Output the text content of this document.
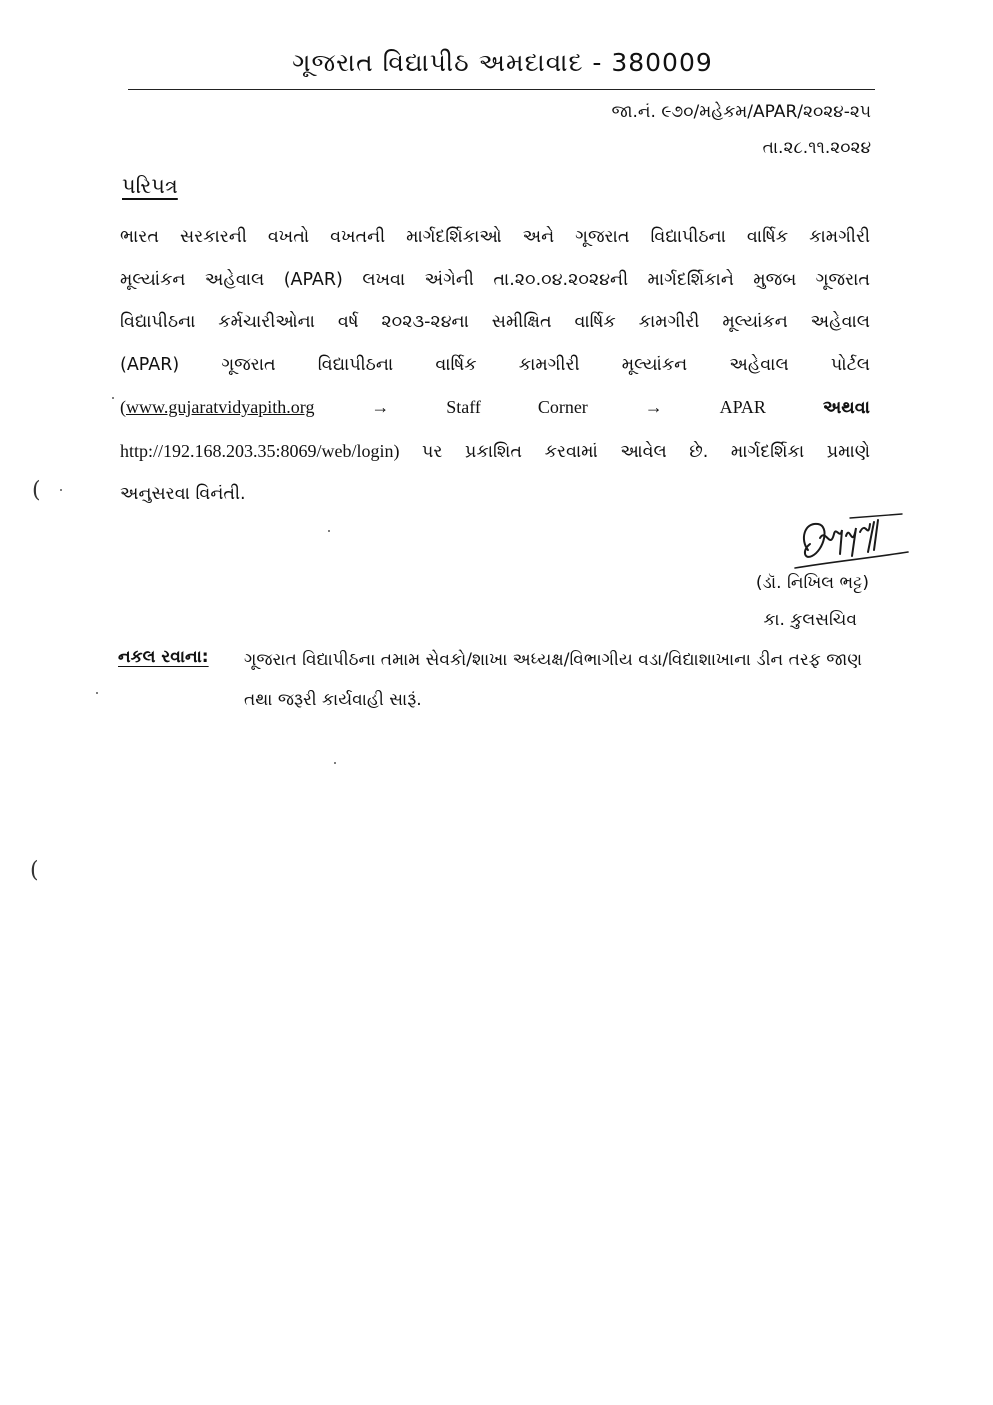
ગૂજરાત વિદ્યાપીઠ અમદાવાદ - 380009
જા.નં. ૯૭૦/મહેકમ/APAR/૨૦૨૪-૨૫
તા.૨૮.૧૧.૨૦૨૪
પરિપત્ર
ભારત સરકારની વખતો વખતની માર્ગદર્શિકાઓ અને ગૂજરાત વિદ્યાપીઠના વાર્ષિક કામગીરી
મૂલ્યાંકન અહેવાલ (APAR) લખવા અંગેની તા.૨૦.૦૪.૨૦૨૪ની માર્ગદર્શિકાને મુજબ ગૂજરાત
વિદ્યાપીઠના કર્મચારીઓના વર્ષ ૨૦૨૩-૨૪ના સમીક્ષિત વાર્ષિક કામગીરી મૂલ્યાંકન અહેવાલ
(APAR) ગૂજરાત વિદ્યાપીઠના વાર્ષિક કામગીરી મૂલ્યાંકન અહેવાલ પોર્ટલ
(www.gujaratvidyapith.org	→	Staff	Corner	→	APAR	અથવા
http://192.168.203.35:8069/web/login) પર પ્રકાશિત કરવામાં આવેલ છે. માર્ગદર્શિકા પ્રમાણે
અનુસરવા વિનંતી.
(ડૉ. નિખિલ ભટ્ટ)
કા. કુલસચિવ
નકલ રવાના: ગૂજરાત વિદ્યાપીઠના તમામ સેવકો/શાખા અધ્યક્ષ/વિભાગીય વડા/વિદ્યાશાખાના ડીન તરફ જાણ તથા જરૂરી કાર્યવાહી સારૂં.
(
(
